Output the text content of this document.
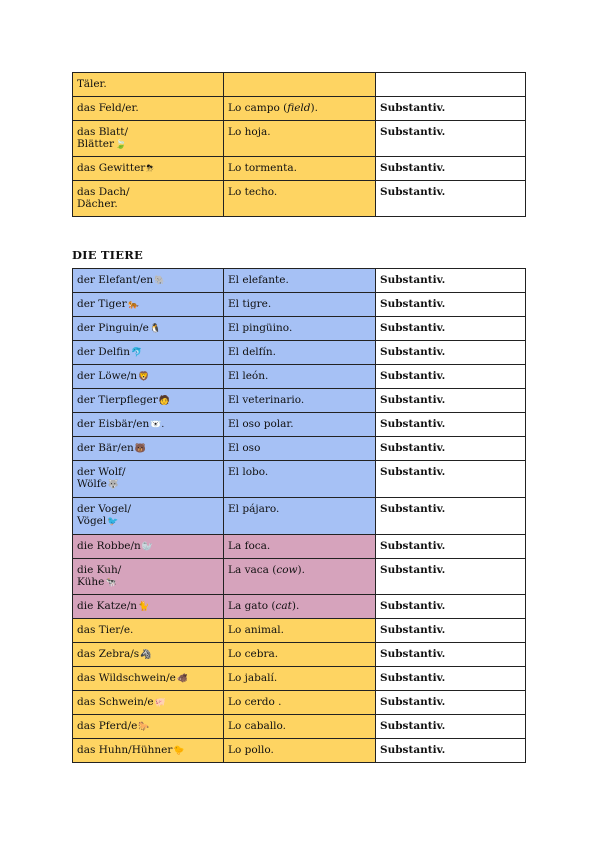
Täler.		
das Feld/er.	Lo campo (field).	Substantiv.
das Blatt/
Blätter🍃	Lo hoja.	Substantiv.
das Gewitter⛈	Lo tormenta.	Substantiv.
das Dach/
Dächer.	Lo techo.	Substantiv.
DIE TIERE
der Elefant/en🐘	El elefante.	Substantiv.
der Tiger🐅	El tigre.	Substantiv.
der Pinguin/e🐧	El pingüino.	Substantiv.
der Delfin🐬	El delfín.	Substantiv.
der Löwe/n🦁	El león.	Substantiv.
der Tierpfleger🧑	El veterinario.	Substantiv.
der Eisbär/en🐻‍❄️.	El oso polar.	Substantiv.
der Bär/en🐻	El oso	Substantiv.
der Wolf/
Wölfe🐺	El lobo.	Substantiv.
der Vogel/
Vögel🐦	El pájaro.	Substantiv.
die Robbe/n🦭	La foca.	Substantiv.
die Kuh/
Kühe🐄	La vaca (cow).	Substantiv.
die Katze/n🐈	La gato (cat).	Substantiv.
das Tier/e.	Lo animal.	Substantiv.
das Zebra/s🦓	Lo cebra.	Substantiv.
das Wildschwein/e🐗	Lo jabalí.	Substantiv.
das Schwein/e🐖	Lo cerdo .	Substantiv.
das Pferd/e🐎	Lo caballo.	Substantiv.
das Huhn/Hühner🐤	Lo pollo.	Substantiv.
